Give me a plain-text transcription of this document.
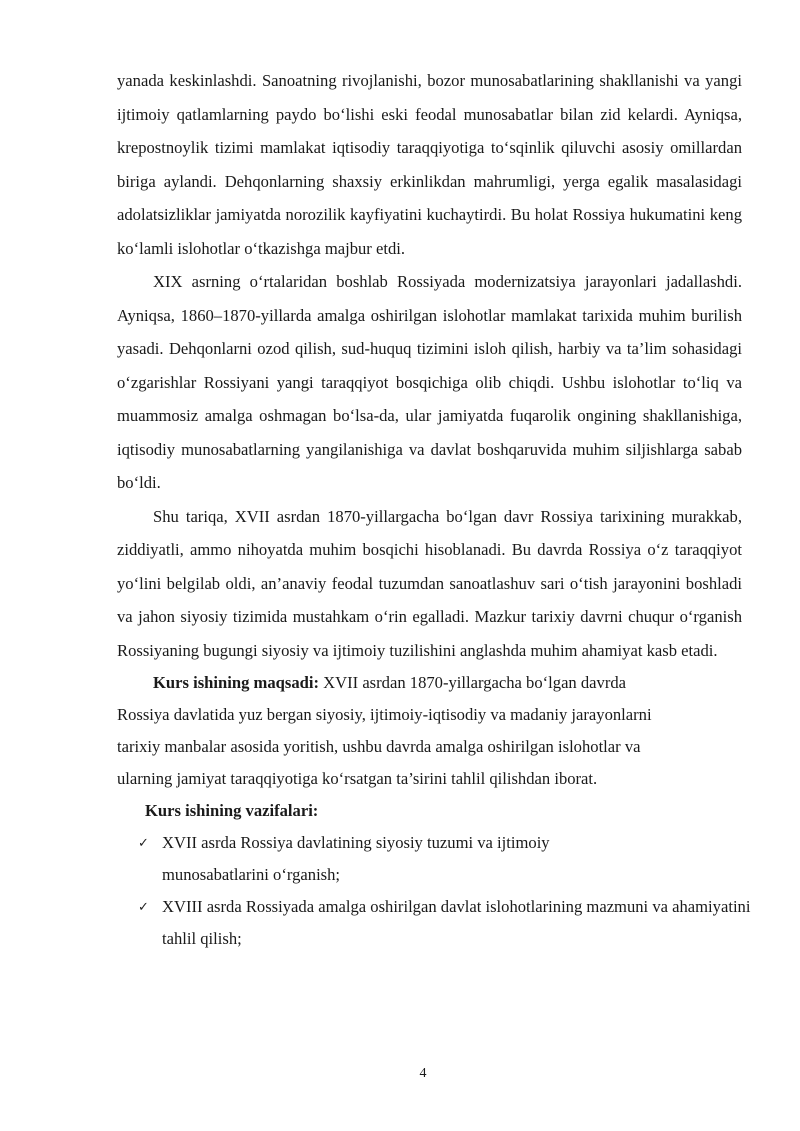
yanada keskinlashdi. Sanoatning rivojlanishi, bozor munosabatlarining shakllanishi va yangi ijtimoiy qatlamlarning paydo bo‘lishi eski feodal munosabatlar bilan zid kelardi. Ayniqsa, krepostnoylik tizimi mamlakat iqtisodiy taraqqiyotiga to‘sqinlik qiluvchi asosiy omillardan biriga aylandi. Dehqonlarning shaxsiy erkinlikdan mahrumligi, yerga egalik masalasidagi adolatsizliklar jamiyatda norozilik kayfiyatini kuchaytirdi. Bu holat Rossiya hukumatini keng ko‘lamli islohotlar o‘tkazishga majbur etdi.

XIX asrning o‘rtalaridan boshlab Rossiyada modernizatsiya jarayonlari jadallashdi. Ayniqsa, 1860–1870-yillarda amalga oshirilgan islohotlar mamlakat tarixida muhim burilish yasadi. Dehqonlarni ozod qilish, sud-huquq tizimini isloh qilish, harbiy va ta’lim sohasidagi o‘zgarishlar Rossiyani yangi taraqqiyot bosqichiga olib chiqdi. Ushbu islohotlar to‘liq va muammosiz amalga oshmagan bo‘lsa-da, ular jamiyatda fuqarolik ongining shakllanishiga, iqtisodiy munosabatlarning yangilanishiga va davlat boshqaruvida muhim siljishlarga sabab bo‘ldi.

Shu tariqa, XVII asrdan 1870-yillargacha bo‘lgan davr Rossiya tarixining murakkab, ziddiyatli, ammo nihoyatda muhim bosqichi hisoblanadi. Bu davrda Rossiya o‘z taraqqiyot yo‘lini belgilab oldi, an’anaviy feodal tuzumdan sanoatlashuv sari o‘tish jarayonini boshladi va jahon siyosiy tizimida mustahkam o‘rin egalladi. Mazkur tarixiy davrni chuqur o‘rganish Rossiyaning bugungi siyosiy va ijtimoiy tuzilishini anglashda muhim ahamiyat kasb etadi.

Kurs ishining maqsadi: XVII asrdan 1870-yillargacha bo‘lgan davrda
Rossiya davlatida yuz bergan siyosiy, ijtimoiy-iqtisodiy va madaniy jarayonlarni
tarixiy manbalar asosida yoritish, ushbu davrda amalga oshirilgan islohotlar va
ularning jamiyat taraqqiyotiga ko‘rsatgan ta’sirini tahlil qilishdan iborat.

Kurs ishining vazifalari:

✓ XVII asrda Rossiya davlatining siyosiy tuzumi va ijtimoiy munosabatlarini o‘rganish;
✓ XVIII asrda Rossiyada amalga oshirilgan davlat islohotlarining mazmuni va ahamiyatini tahlil qilish;
4
